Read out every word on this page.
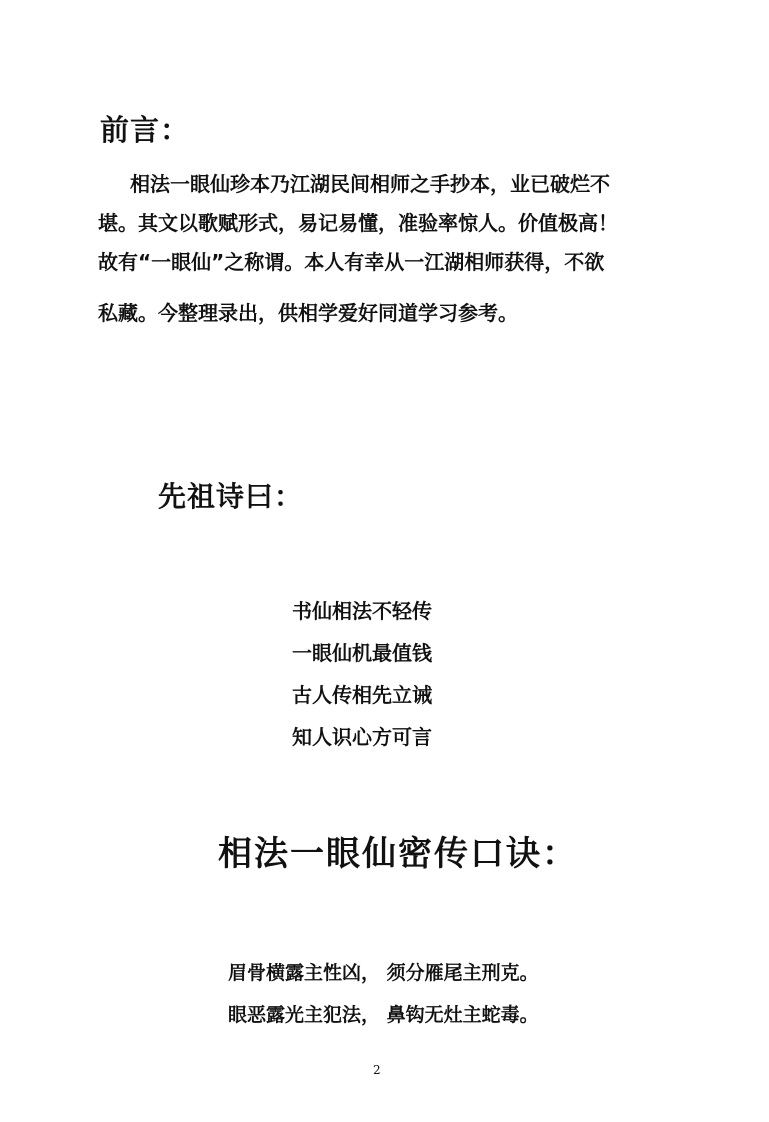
前言：
相法一眼仙珍本乃江湖民间相师之手抄本，业已破烂不
堪。其文以歌赋形式，易记易懂，准验率惊人。价值极高！
故有“一眼仙”之称谓。本人有幸从一江湖相师获得，不欲
私藏。今整理录出，供相学爱好同道学习参考。
先祖诗曰：
书仙相法不轻传
一眼仙机最值钱
古人传相先立诫
知人识心方可言
相法一眼仙密传口诀：
眉骨横露主性凶， 须分雁尾主刑克。
眼恶露光主犯法， 鼻钩无灶主蛇毒。
2
